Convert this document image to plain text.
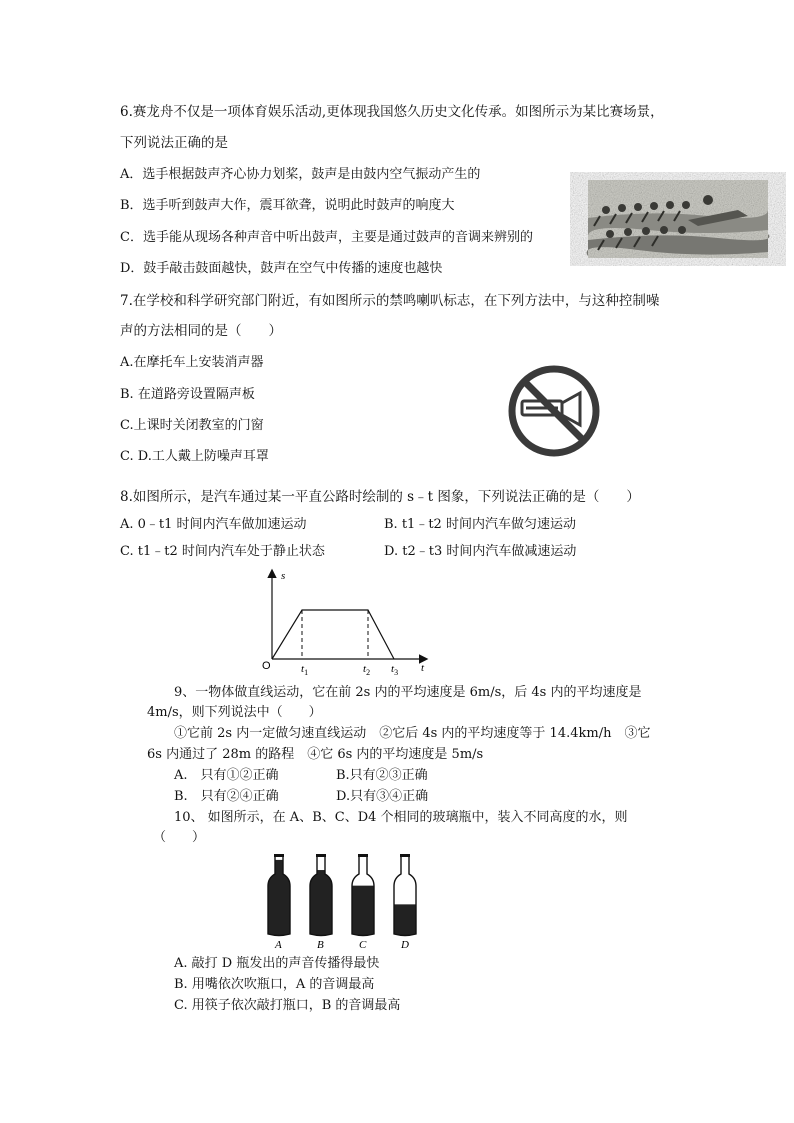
6.赛龙舟不仅是一项体育娱乐活动,更体现我国悠久历史文化传承。如图所示为某比赛场景，
下列说法正确的是
A．选手根据鼓声齐心协力划桨，鼓声是由鼓内空气振动产生的
B．选手听到鼓声大作，震耳欲聋，说明此时鼓声的响度大
C．选手能从现场各种声音中听出鼓声，主要是通过鼓声的音调来辨别的
D．鼓手敲击鼓面越快，鼓声在空气中传播的速度也越快
7.在学校和科学研究部门附近，有如图所示的禁鸣喇叭标志，在下列方法中，与这种控制噪
声的方法相同的是（　　）
A.在摩托车上安装消声器
B. 在道路旁设置隔声板
C.上课时关闭教室的门窗
C. D.工人戴上防噪声耳罩
8.如图所示，是汽车通过某一平直公路时绘制的 s﹣t 图象，下列说法正确的是（　　）
A. 0﹣t1 时间内汽车做加速运动	B. t1﹣t2 时间内汽车做匀速运动
C. t1﹣t2 时间内汽车处于静止状态	D. t2﹣t3 时间内汽车做减速运动
s
O	$t_1$	$t_2$ $t_3$ t
9、一物体做直线运动，它在前 2s 内的平均速度是 6m/s，后 4s 内的平均速度是
4m/s，则下列说法中（　　）
①它前 2s 内一定做匀速直线运动　②它后 4s 内的平均速度等于 14.4km/h　③它
6s 内通过了 28m 的路程　④它 6s 内的平均速度是 5m/s
A.　只有①②正确	B.只有②③正确
B.　只有②④正确	D.只有③④正确
10、 如图所示，在 A、B、C、D4 个相同的玻璃瓶中，装入不同高度的水，则
（　　）
A	B	C	D
A. 敲打 D 瓶发出的声音传播得最快
B. 用嘴依次吹瓶口，A 的音调最高
C. 用筷子依次敲打瓶口，B 的音调最高
